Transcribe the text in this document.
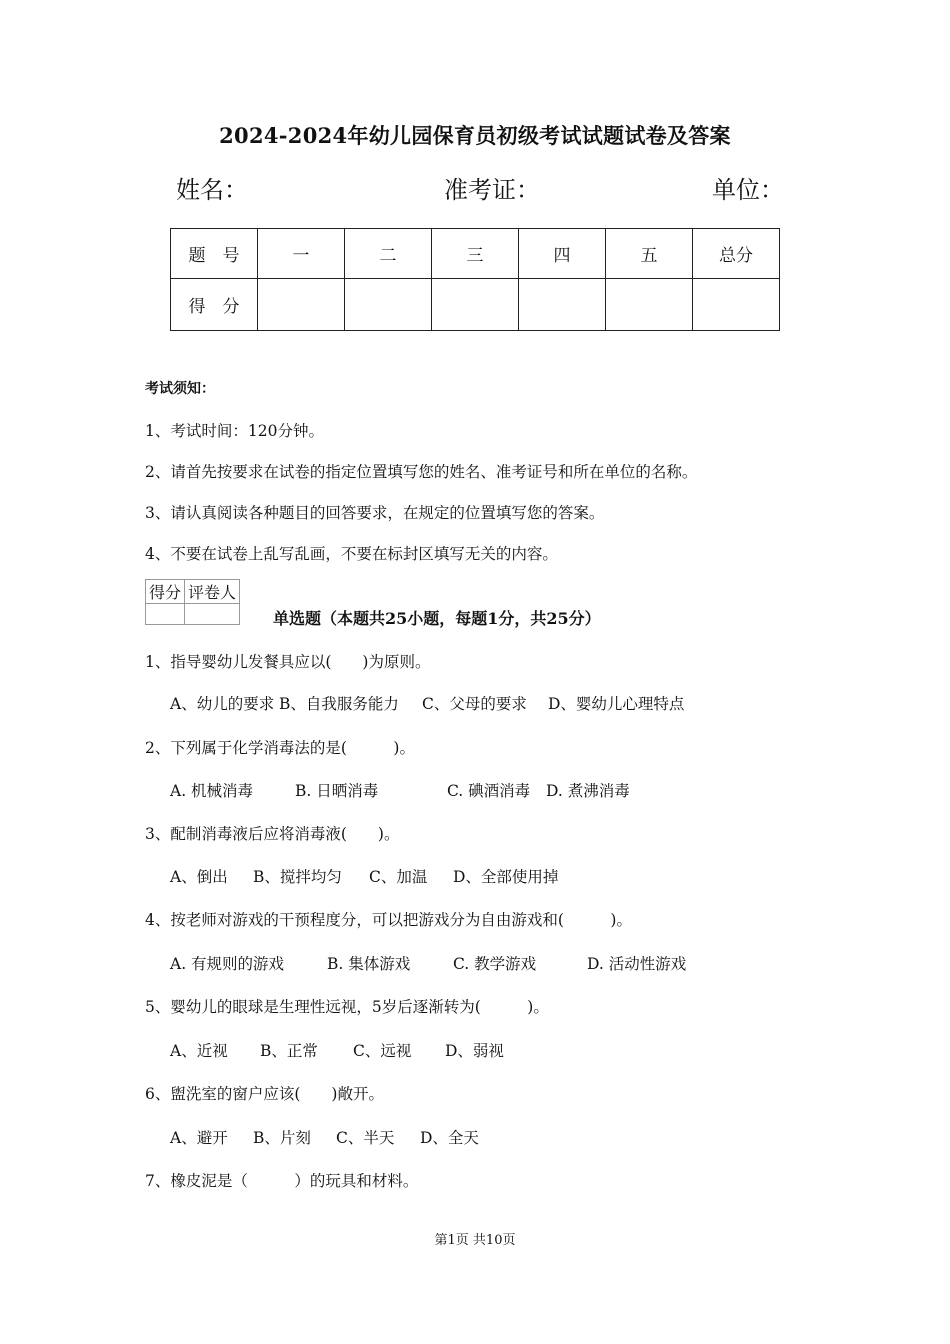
2024-2024年幼儿园保育员初级考试试题试卷及答案
姓名：	准考证：	单位：
题　号	一	二	三	四	五	总分
得　分						
考试须知：
1、考试时间：120分钟。
2、请首先按要求在试卷的指定位置填写您的姓名、准考证号和所在单位的名称。
3、请认真阅读各种题目的回答要求，在规定的位置填写您的答案。
4、不要在试卷上乱写乱画，不要在标封区填写无关的内容。
得分	评卷人

单选题（本题共25小题，每题1分，共25分）
1、指导婴幼儿发餐具应以(　　)为原则。
A、幼儿的要求 B、自我服务能力 C、父母的要求 D、婴幼儿心理特点
2、下列属于化学消毒法的是(　　　)。
A. 机械消毒	B. 日晒消毒	C. 碘酒消毒 D. 煮沸消毒
3、配制消毒液后应将消毒液(　　)。
A、倒出 B、搅拌均匀 C、加温 D、全部使用掉
4、按老师对游戏的干预程度分，可以把游戏分为自由游戏和(　　　)。
A. 有规则的游戏	B. 集体游戏	C. 教学游戏	D. 活动性游戏
5、婴幼儿的眼球是生理性远视，5岁后逐渐转为(　　　)。
A、近视 B、正常 C、远视 D、弱视
6、盥洗室的窗户应该(　　)敞开。
A、避开 B、片刻 C、半天 D、全天
7、橡皮泥是（　　　）的玩具和材料。
第1页 共10页
